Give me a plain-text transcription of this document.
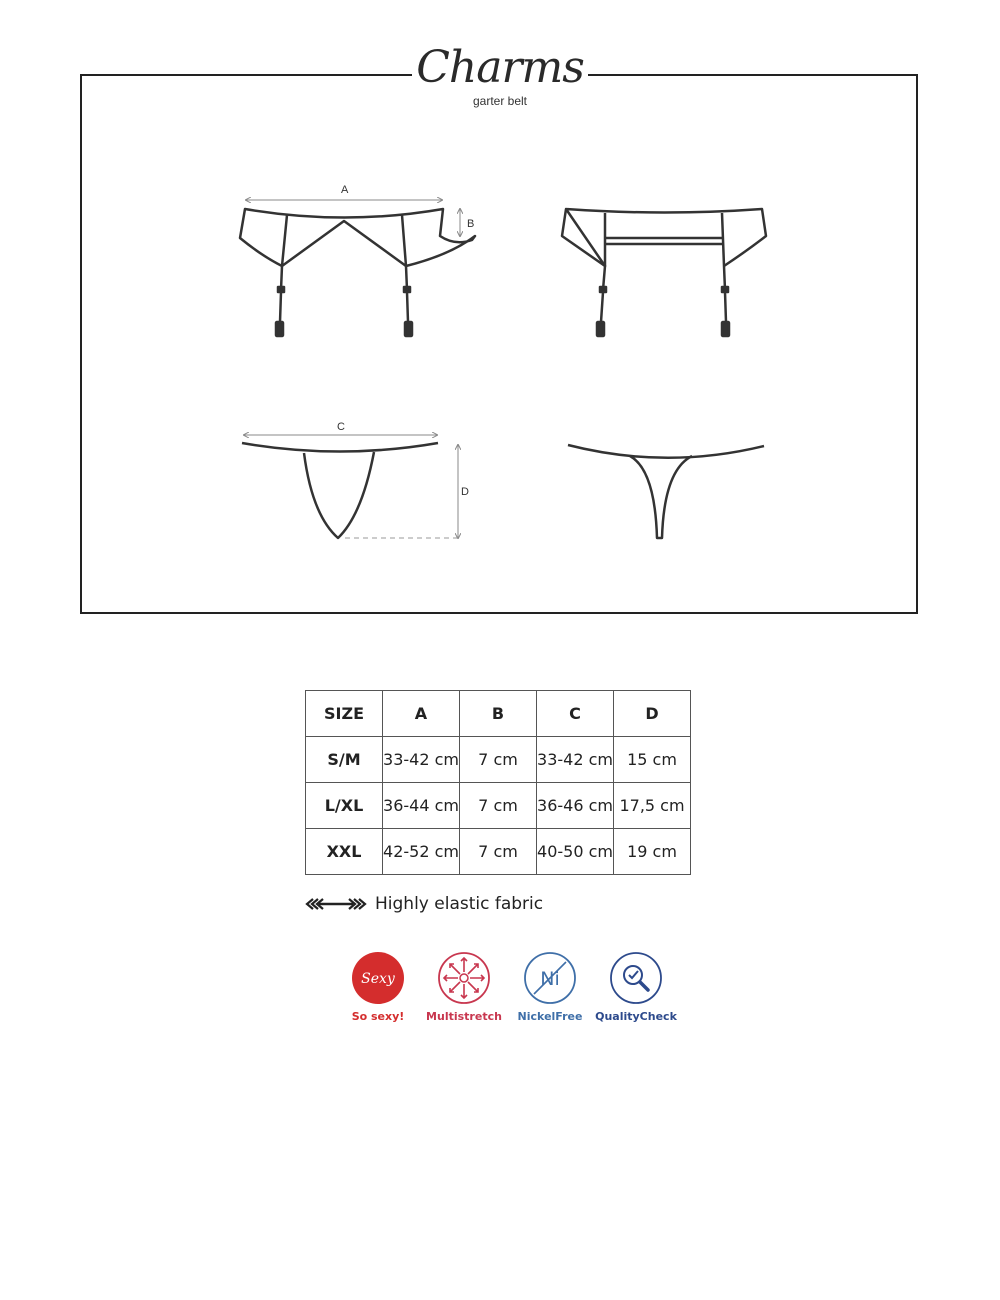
Charms
garter belt
A
B
C
D
SIZE	A	B	C	D
S/M	33-42 cm	7 cm	33-42 cm	15 cm
L/XL	36-44 cm	7 cm	36-46 cm	17,5 cm
XXL	42-52 cm	7 cm	40-50 cm	19 cm
Highly elastic fabric
Sexy
So sexy! Multistretch
Ni
NickelFree QualityCheck
